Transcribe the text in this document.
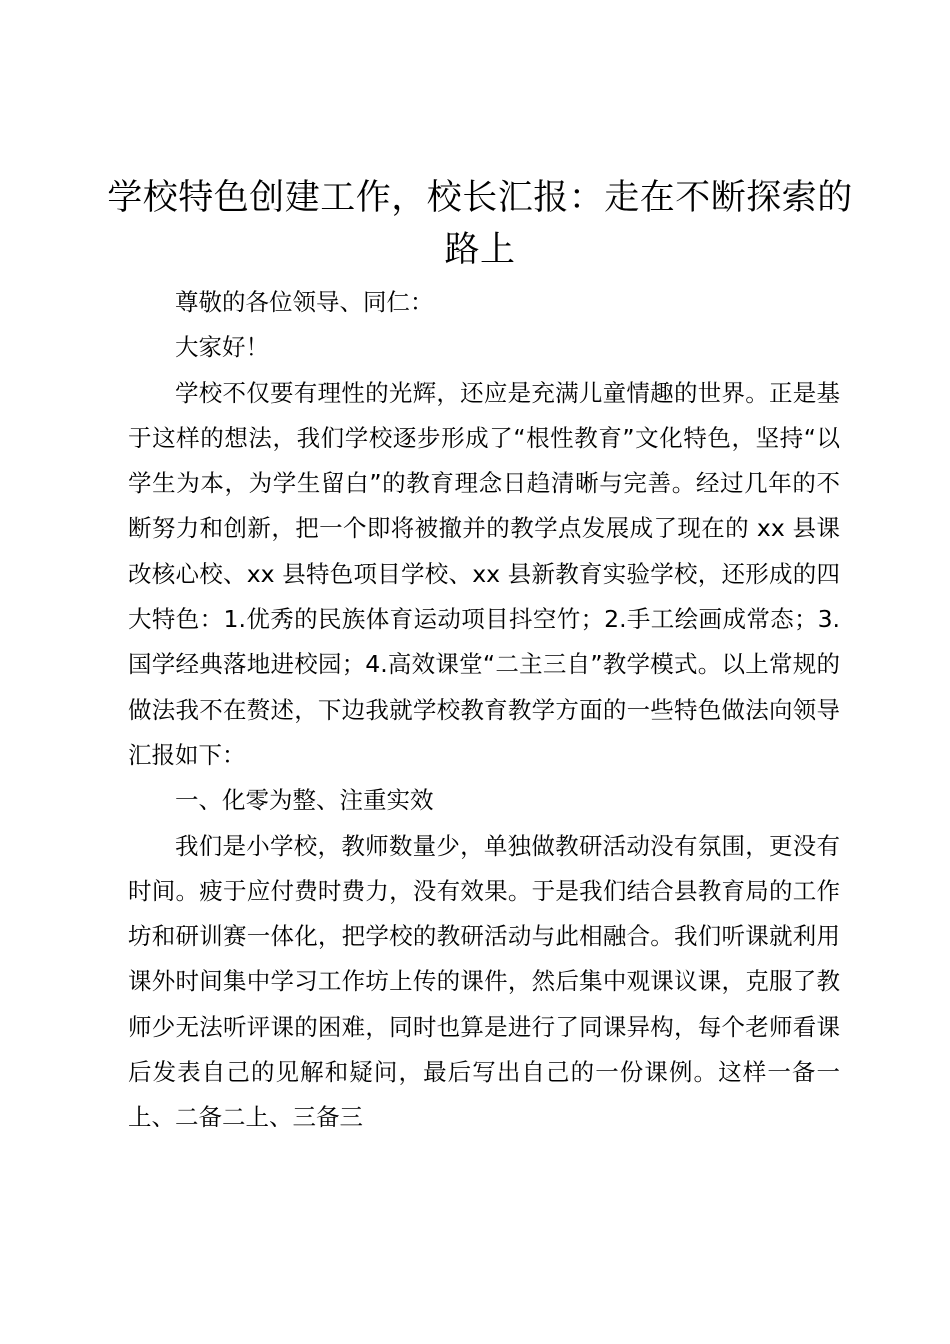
学校特色创建工作，校长汇报：走在不断探索的路上

尊敬的各位领导、同仁：

大家好！

学校不仅要有理性的光辉，还应是充满儿童情趣的世界。正是基于这样的想法，我们学校逐步形成了“根性教育”文化特色，坚持“以学生为本，为学生留白”的教育理念日趋清晰与完善。经过几年的不断努力和创新，把一个即将被撤并的教学点发展成了现在的 xx 县课改核心校、xx 县特色项目学校、xx 县新教育实验学校，还形成的四大特色：1.优秀的民族体育运动项目抖空竹；2.手工绘画成常态；3.国学经典落地进校园；4.高效课堂“二主三自”教学模式。以上常规的做法我不在赘述，下边我就学校教育教学方面的一些特色做法向领导汇报如下：

一、化零为整、注重实效

我们是小学校，教师数量少，单独做教研活动没有氛围，更没有时间。疲于应付费时费力，没有效果。于是我们结合县教育局的工作坊和研训赛一体化，把学校的教研活动与此相融合。我们听课就利用课外时间集中学习工作坊上传的课件，然后集中观课议课，克服了教师少无法听评课的困难，同时也算是进行了同课异构，每个老师看课后发表自己的见解和疑问，最后写出自己的一份课例。这样一备一上、二备二上、三备三
